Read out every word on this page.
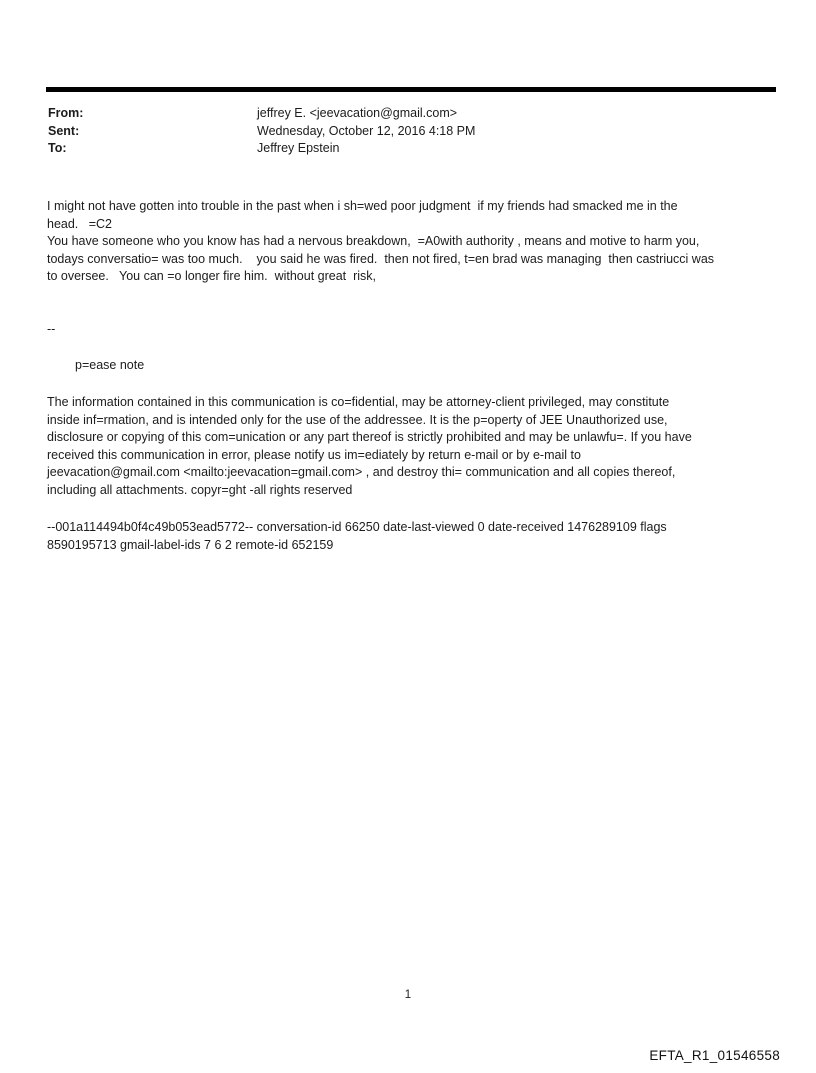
From:	jeffrey E. <jeevacation@gmail.com>
Sent:	Wednesday, October 12, 2016 4:18 PM
To:	Jeffrey Epstein
I might not have gotten into trouble in the past when i sh=wed poor judgment  if my friends had smacked me in the
head.   =C2
You have someone who you know has had a nervous breakdown,  =A0with authority , means and motive to harm you,
todays conversatio= was too much.    you said he was fired.  then not fired, t=en brad was managing  then castriucci was
to oversee.   You can =o longer fire him.  without great  risk,
--
p=ease note
The information contained in this communication is co=fidential, may be attorney-client privileged, may constitute
inside inf=rmation, and is intended only for the use of the addressee. It is the p=operty of JEE Unauthorized use,
disclosure or copying of this com=unication or any part thereof is strictly prohibited and may be unlawfu=. If you have
received this communication in error, please notify us im=ediately by return e-mail or by e-mail to
jeevacation@gmail.com <mailto:jeevacation=gmail.com> , and destroy thi= communication and all copies thereof,
including all attachments. copyr=ght -all rights reserved
--001a114494b0f4c49b053ead5772-- conversation-id 66250 date-last-viewed 0 date-received 1476289109 flags
8590195713 gmail-label-ids 7 6 2 remote-id 652159
1
EFTA_R1_01546558
